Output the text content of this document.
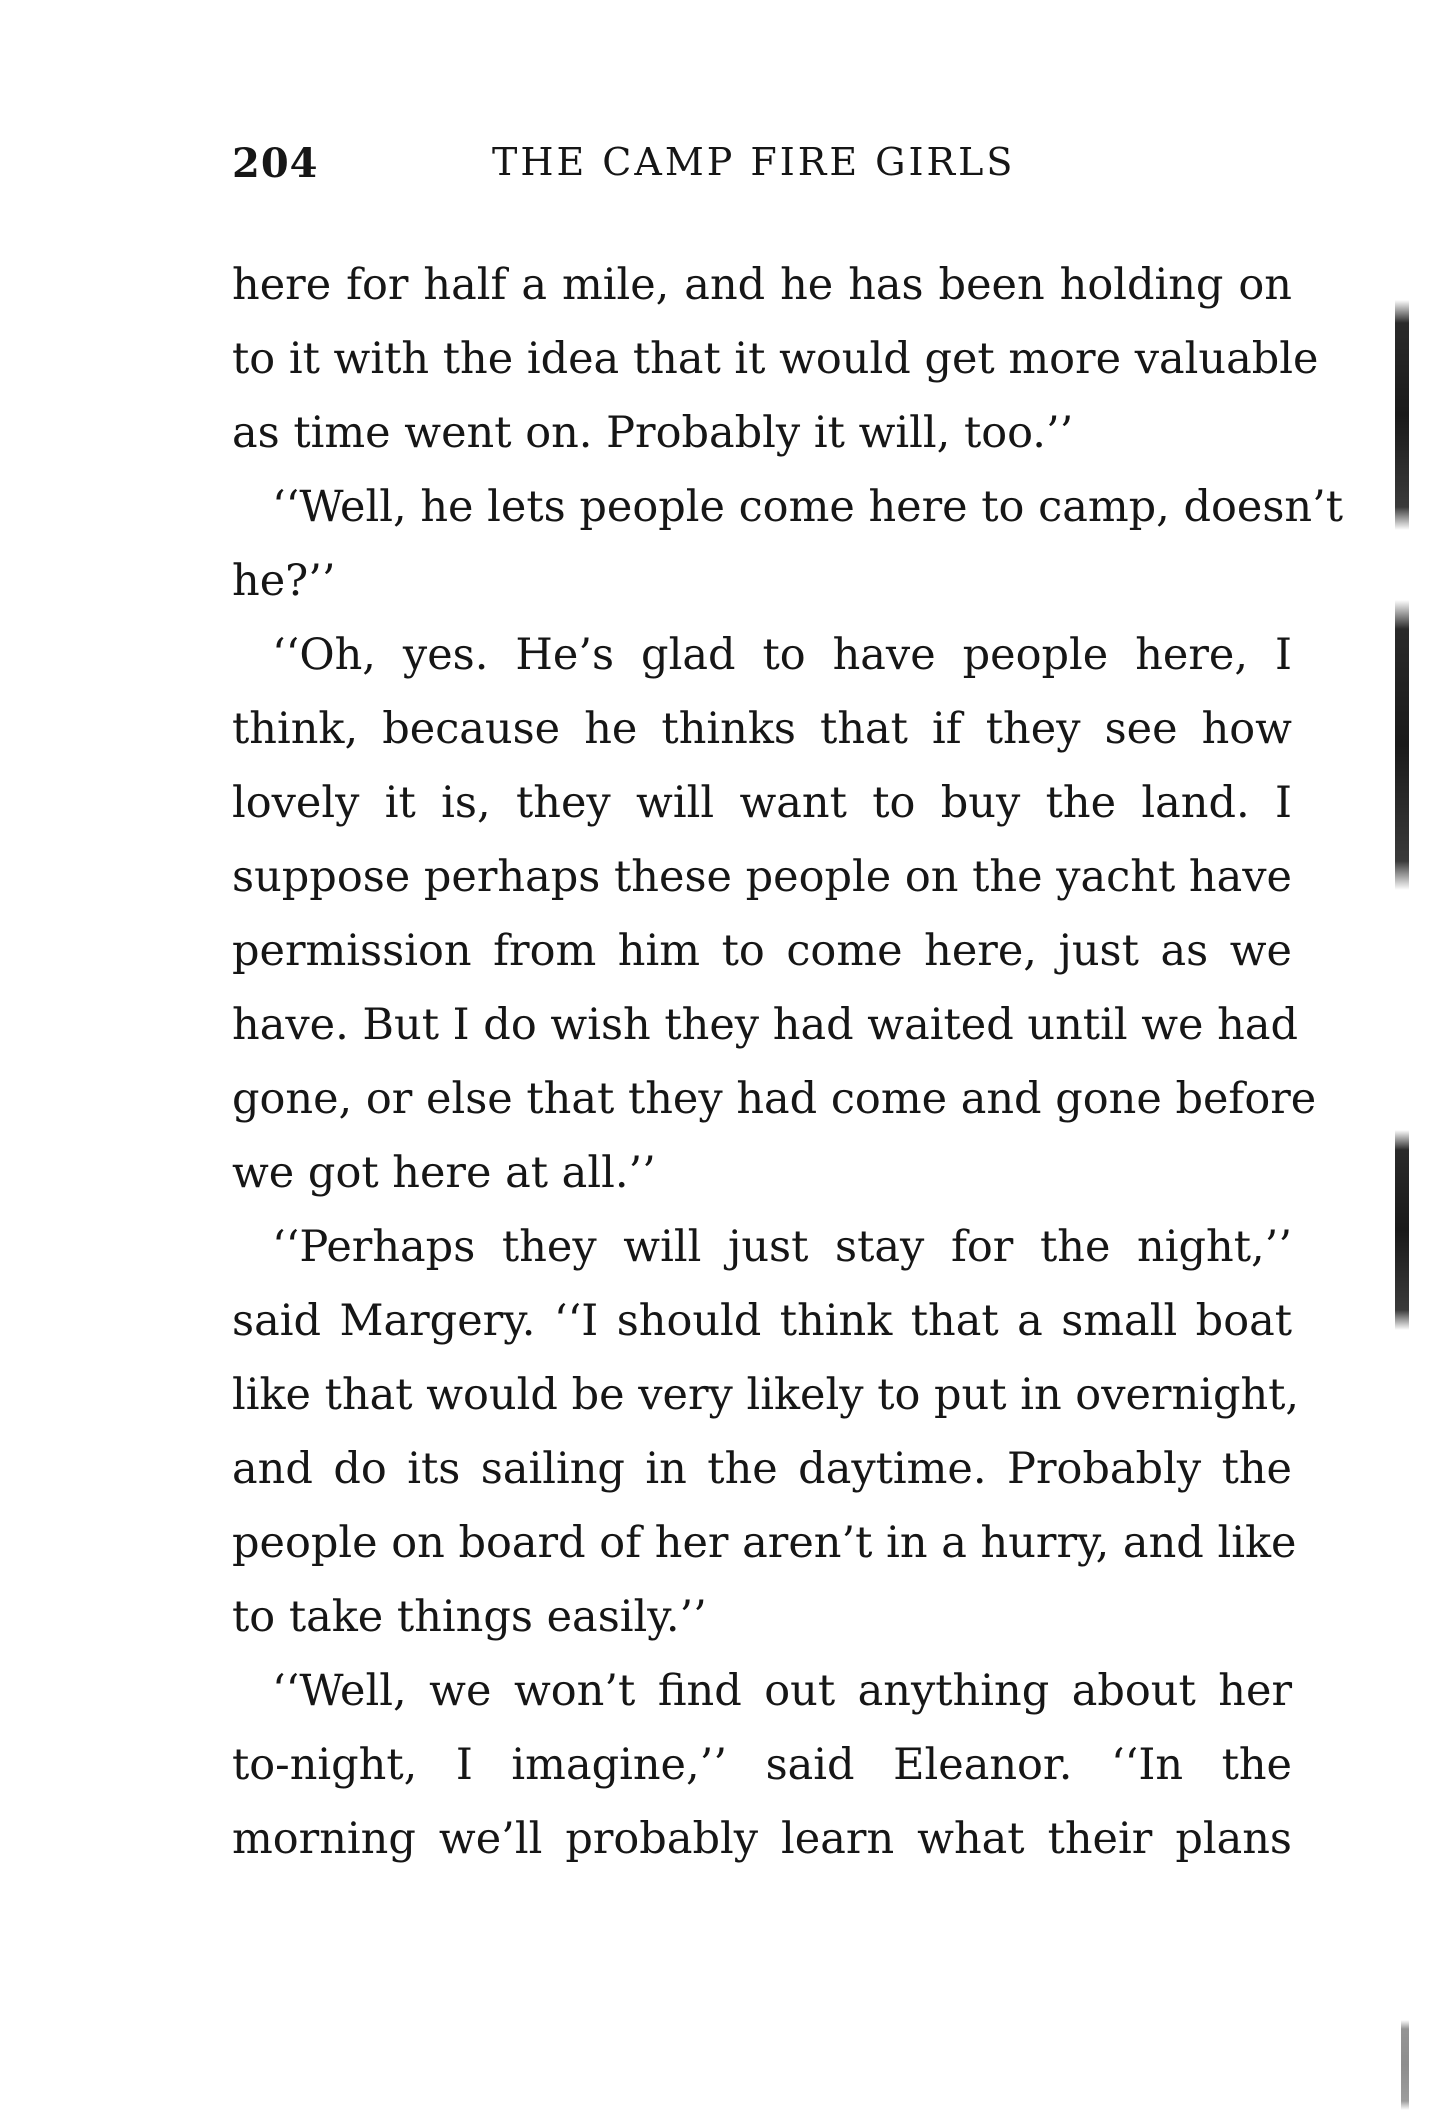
204	THE CAMP FIRE GIRLS
here for half a mile, and he has been holding on
to it with the idea that it would get more valuable
as time went on. Probably it will, too.’’
‘‘Well, he lets people come here to camp, doesn’t
he?’’
‘‘Oh, yes. He’s glad to have people here, I
think, because he thinks that if they see how
lovely it is, they will want to buy the land. I
suppose perhaps these people on the yacht have
permission from him to come here, just as we
have. But I do wish they had waited until we had
gone, or else that they had come and gone before
we got here at all.’’
‘‘Perhaps they will just stay for the night,’’
said Margery. ‘‘I should think that a small boat
like that would be very likely to put in overnight,
and do its sailing in the daytime. Probably the
people on board of her aren’t in a hurry, and like
to take things easily.’’
‘‘Well, we won’t find out anything about her
to-night, I imagine,’’ said Eleanor. ‘‘In the
morning we’ll probably learn what their plans
